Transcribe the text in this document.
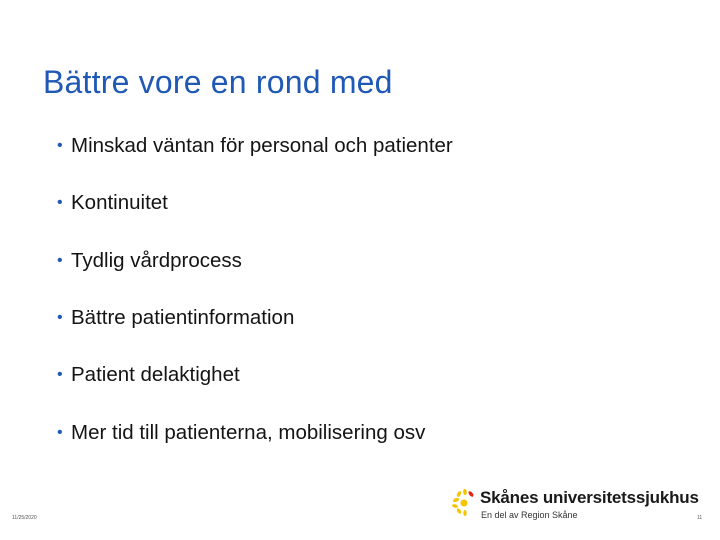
Bättre vore en rond med
• Minskad väntan för personal och patienter
• Kontinuitet
• Tydlig vårdprocess
• Bättre patientinformation
• Patient delaktighet
• Mer tid till patienterna, mobilisering osv
11/25/2020	11
Skånes universitetssjukhus
En del av Region Skåne
